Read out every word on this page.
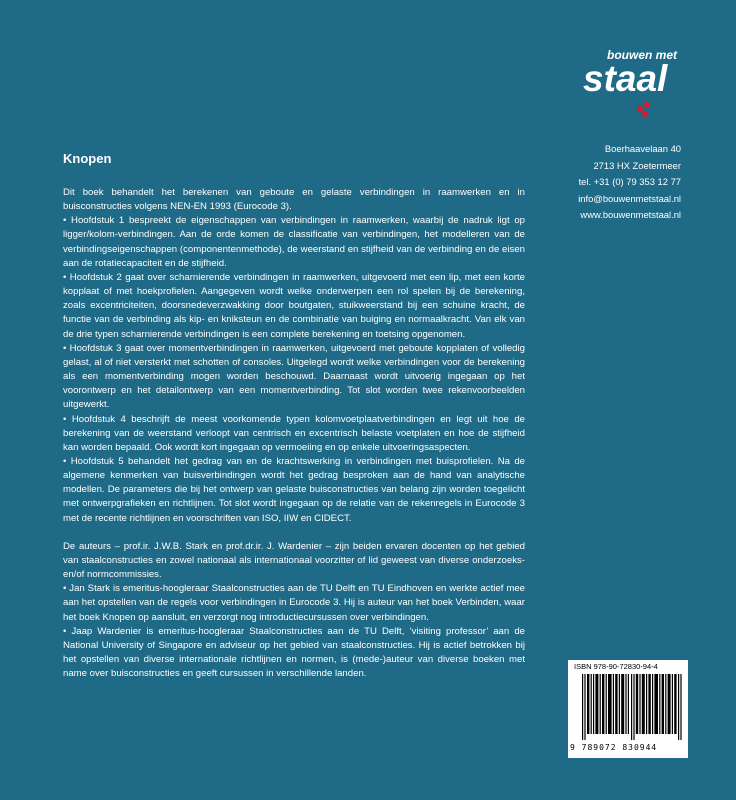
bouwen met
staal
Boerhaavelaan 40
2713 HX Zoetermeer
tel. +31 (0) 79 353 12 77
info@bouwenmetstaal.nl
www.bouwenmetstaal.nl
Knopen

Dit boek behandelt het berekenen van geboute en gelaste verbindingen in raamwerken en in buisconstructies volgens NEN-EN 1993 (Eurocode 3).

• Hoofdstuk 1 bespreekt de eigenschappen van verbindingen in raamwerken, waarbij de nadruk ligt op ligger/kolom-verbindingen. Aan de orde komen de classificatie van verbindingen, het modelleren van de verbindingseigenschappen (componentenmethode), de weerstand en stijfheid van de verbinding en de eisen aan de rotatiecapaciteit en de stijfheid.

• Hoofdstuk 2 gaat over scharnierende verbindingen in raamwerken, uitgevoerd met een lip, met een korte kopplaat of met hoekprofielen. Aangegeven wordt welke onderwerpen een rol spelen bij de berekening, zoals excentriciteiten, doorsnedeverzwakking door boutgaten, stuikweerstand bij een schuine kracht, de functie van de verbinding als kip- en kniksteun en de combinatie van buiging en normaalkracht. Van elk van de drie typen scharnierende verbindingen is een complete berekening en toetsing opgenomen.

• Hoofdstuk 3 gaat over momentverbindingen in raamwerken, uitgevoerd met geboute kopplaten of volledig gelast, al of niet versterkt met schotten of consoles. Uitgelegd wordt welke verbindingen voor de berekening als een momentverbinding mogen worden beschouwd. Daarnaast wordt uitvoerig ingegaan op het voorontwerp en het detailontwerp van een momentverbinding. Tot slot worden twee rekenvoorbeelden uitgewerkt.

• Hoofdstuk 4 beschrijft de meest voorkomende typen kolomvoetplaatverbindingen en legt uit hoe de berekening van de weerstand verloopt van centrisch en excentrisch belaste voetplaten en hoe de stijfheid kan worden bepaald. Ook wordt kort ingegaan op vermoeiing en op enkele uitvoeringsaspecten.

• Hoofdstuk 5 behandelt het gedrag van en de krachtswerking in verbindingen met buisprofielen. Na de algemene kenmerken van buisverbindingen wordt het gedrag besproken aan de hand van analytische modellen. De parameters die bij het ontwerp van gelaste buisconstructies van belang zijn worden toegelicht met ontwerpgrafieken en richtlijnen. Tot slot wordt ingegaan op de relatie van de rekenregels in Eurocode 3 met de recente richtlijnen en voorschriften van ISO, IIW en CIDECT.

De auteurs – prof.ir. J.W.B. Stark en prof.dr.ir. J. Wardenier – zijn beiden ervaren docenten op het gebied van staalconstructies en zowel nationaal als internationaal voorzitter of lid geweest van diverse onderzoeks- en/of normcommissies.

• Jan Stark is emeritus-hoogleraar Staalconstructies aan de TU Delft en TU Eindhoven en werkte actief mee aan het opstellen van de regels voor verbindingen in Eurocode 3. Hij is auteur van het boek Verbinden, waar het boek Knopen op aansluit, en verzorgt nog introductiecursussen over verbindingen.

• Jaap Wardenier is emeritus-hoogleraar Staalconstructies aan de TU Delft, ‘visiting professor’ aan de National University of Singapore en adviseur op het gebied van staalconstructies. Hij is actief betrokken bij het opstellen van diverse internationale richtlijnen en normen, is (mede-)auteur van diverse boeken met name over buisconstructies en geeft cursussen in verschillende landen.

ISBN 978-90-72830-94-4
9 789072 830944
